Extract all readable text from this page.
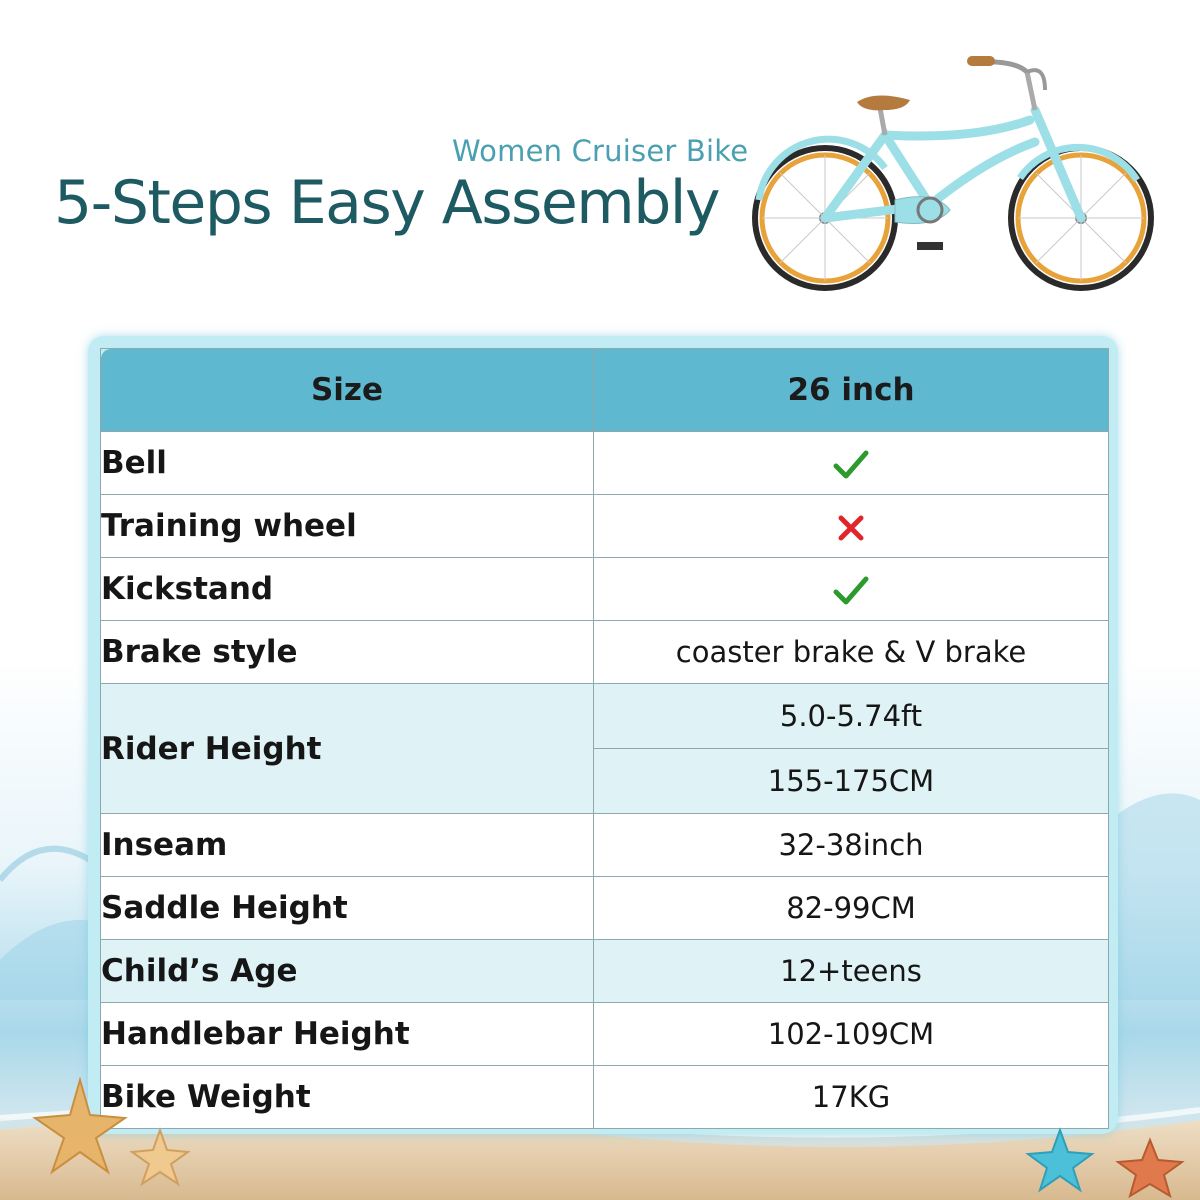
Women Cruiser Bike
5-Steps Easy Assembly
Size	26 inch
Bell	
Training wheel	
Kickstand	
Brake style	coaster brake & V brake
Rider Height	5.0-5.74ft
	155-175CM
Inseam	32-38inch
Saddle Height	82-99CM
Child’s Age	12+teens
Handlebar Height	102-109CM
Bike Weight	17KG
